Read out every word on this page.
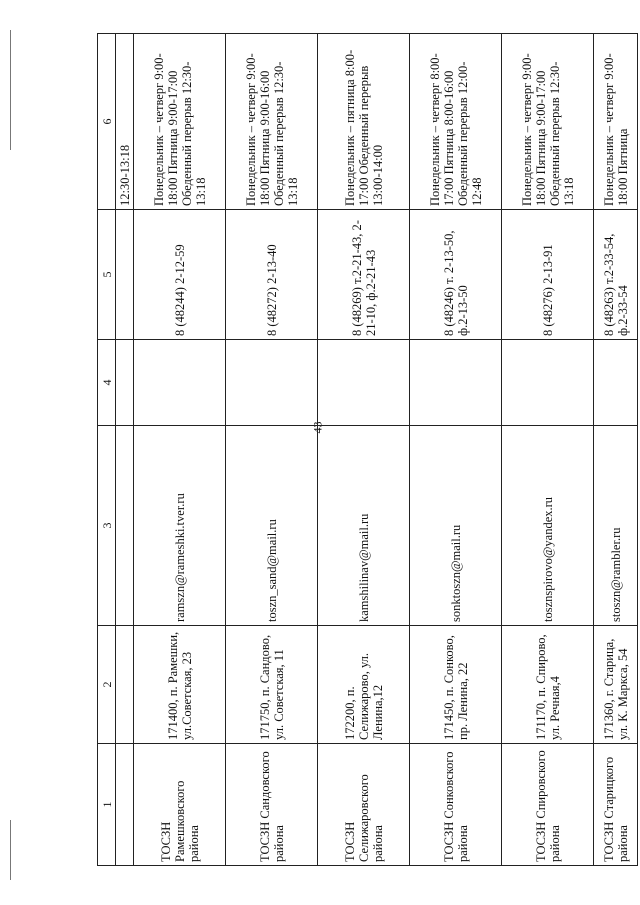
43
1	2	3	4	5	6
					12:30-13:18
ТОСЗН Рамешковского района	171400, п. Рамешки, ул.Советская, 23	ramszn@rameshki.tver.ru		8 (48244) 2-12-59	Понедельник – четверг 9:00-18:00 Пятница 9:00-17:00 Обеденный перерыв 12:30-13:18
ТОСЗН Сандовского района	171750, п. Сандово, ул. Советская, 11	toszn_sand@mail.ru		8 (48272) 2-13-40	Понедельник – четверг 9:00-18:00 Пятница 9:00-16:00 Обеденный перерыв 12:30-13:18
ТОСЗН Селижаровского района	172200, п. Селижарово, ул. Ленина,12	kamshilinav@mail.ru		8 (48269) т.2-21-43, 2-21-10, ф.2-21-43	Понедельник – пятница 8:00-17:00 Обеденный перерыв 13:00-14:00
ТОСЗН Сонковского района	171450, п. Сонково, пр. Ленина, 22	sonktoszn@mail.ru		8 (48246) т. 2-13-50, ф.2-13-50	Понедельник – четверг 8:00-17:00 Пятница 8:00-16:00 Обеденный перерыв 12:00-12:48
ТОСЗН Спировского района	171170, п. Спирово, ул. Речная,4	tosznspirovo@yandex.ru		8 (48276) 2-13-91	Понедельник – четверг 9:00-18:00 Пятница 9:00-17:00 Обеденный перерыв 12:30-13:18
ТОСЗН Старицкого района	171360, г. Старица, ул. К. Маркса, 54	stoszn@rambler.ru		8 (48263) т.2-33-54, ф.2-33-54	Понедельник – четверг 9:00-18:00 Пятница
